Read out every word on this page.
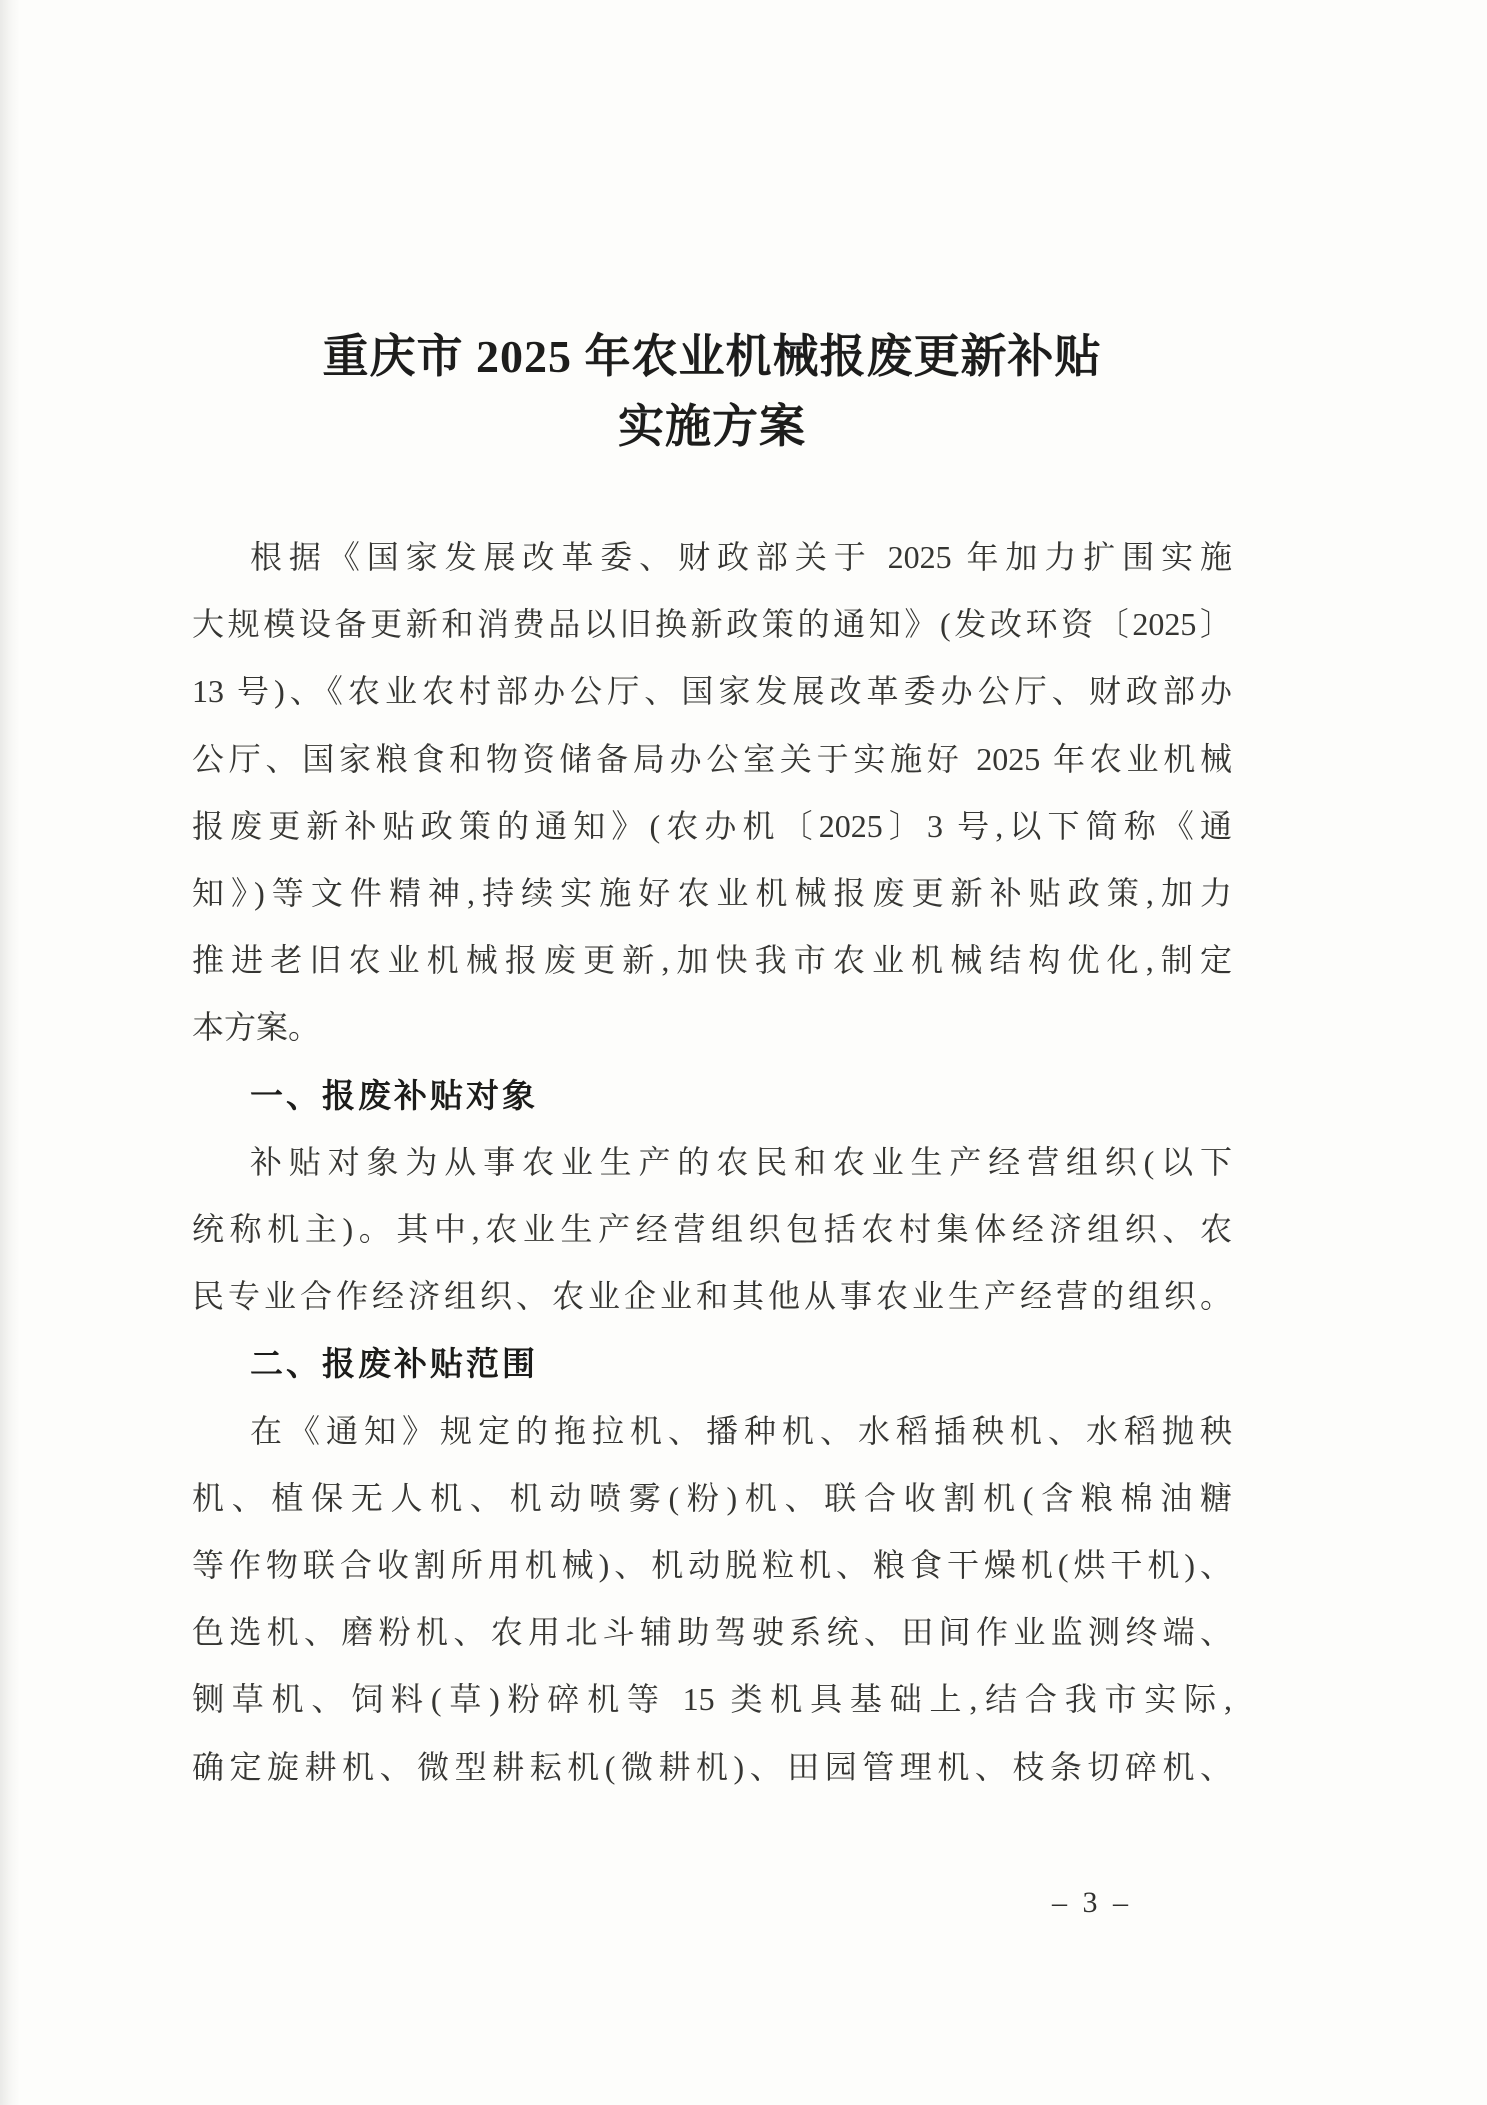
重庆市 2025 年农业机械报废更新补贴
实施方案
根据《国家发展改革委、财政部关于 2025 年加力扩围实施
大规模设备更新和消费品以旧换新政策的通知》(发改环资〔2025〕
13 号)、《农业农村部办公厅、国家发展改革委办公厅、财政部办
公厅、国家粮食和物资储备局办公室关于实施好 2025 年农业机械
报废更新补贴政策的通知》(农办机〔2025〕3 号,以下简称《通
知》)等文件精神,持续实施好农业机械报废更新补贴政策,加力
推进老旧农业机械报废更新,加快我市农业机械结构优化,制定
本方案。
一、报废补贴对象
补贴对象为从事农业生产的农民和农业生产经营组织(以下
统称机主)。其中,农业生产经营组织包括农村集体经济组织、农
民专业合作经济组织、农业企业和其他从事农业生产经营的组织。
二、报废补贴范围
在《通知》规定的拖拉机、播种机、水稻插秧机、水稻抛秧
机、植保无人机、机动喷雾(粉)机、联合收割机(含粮棉油糖
等作物联合收割所用机械)、机动脱粒机、粮食干燥机(烘干机)、
色选机、磨粉机、农用北斗辅助驾驶系统、田间作业监测终端、
铡草机、饲料(草)粉碎机等 15 类机具基础上,结合我市实际,
确定旋耕机、微型耕耘机(微耕机)、田园管理机、枝条切碎机、
– 3 –
